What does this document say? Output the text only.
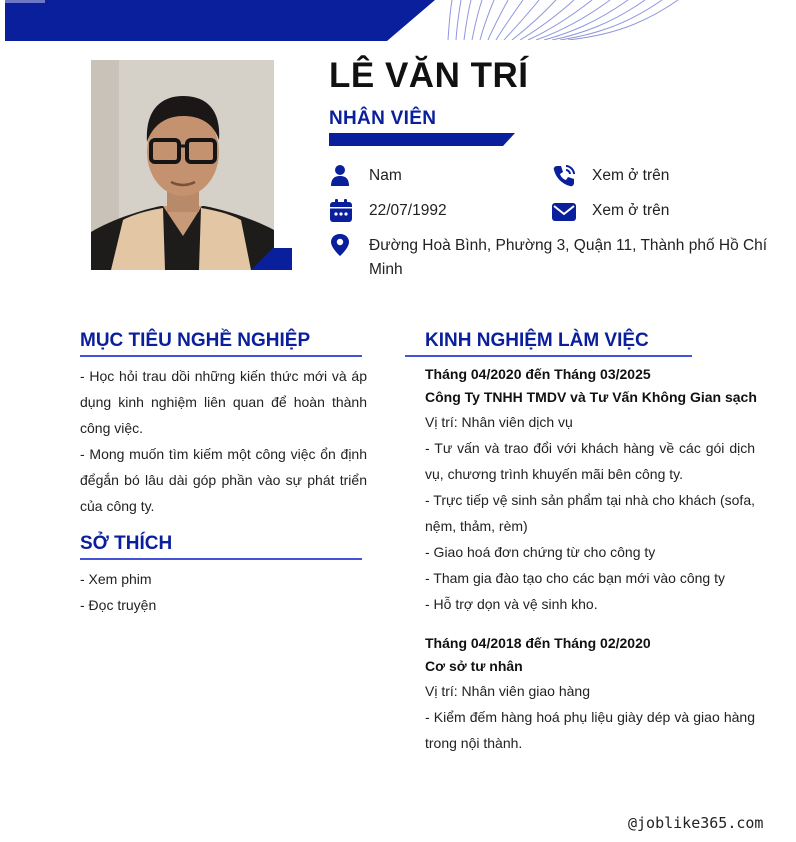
LÊ VĂN TRÍ
NHÂN VIÊN
Nam
22/07/1992
Đường Hoà Bình, Phường 3, Quận 11, Thành phố Hồ Chí
Minh
Xem ở trên
Xem ở trên
MỤC TIÊU NGHỀ NGHIỆP

- Học hỏi trau dồi những kiến thức mới và áp dụng kinh nghiệm liên quan để hoàn thành công việc.

- Mong muốn tìm kiếm một công việc ổn định đểgắn bó lâu dài góp phần vào sự phát triển của công ty.

SỞ THÍCH
- Xem phim
- Đọc truyện
KINH NGHIỆM LÀM VIỆC
Tháng 04/2020 đến Tháng 03/2025
Công Ty TNHH TMDV và Tư Vấn Không Gian sạch
Vị trí: Nhân viên dịch vụ

- Tư vấn và trao đổi với khách hàng về các gói dịch vụ, chương trình khuyến mãi bên công ty.

- Trực tiếp vệ sinh sản phẩm tại nhà cho khách (sofa, nệm, thảm, rèm)

- Giao hoá đơn chứng từ cho công ty
- Tham gia đào tạo cho các bạn mới vào công ty
- Hỗ trợ dọn và vệ sinh kho.
Tháng 04/2018 đến Tháng 02/2020
Cơ sở tư nhân
Vị trí: Nhân viên giao hàng

- Kiểm đếm hàng hoá phụ liệu giày dép và giao hàng trong nội thành.

@joblike365.com
